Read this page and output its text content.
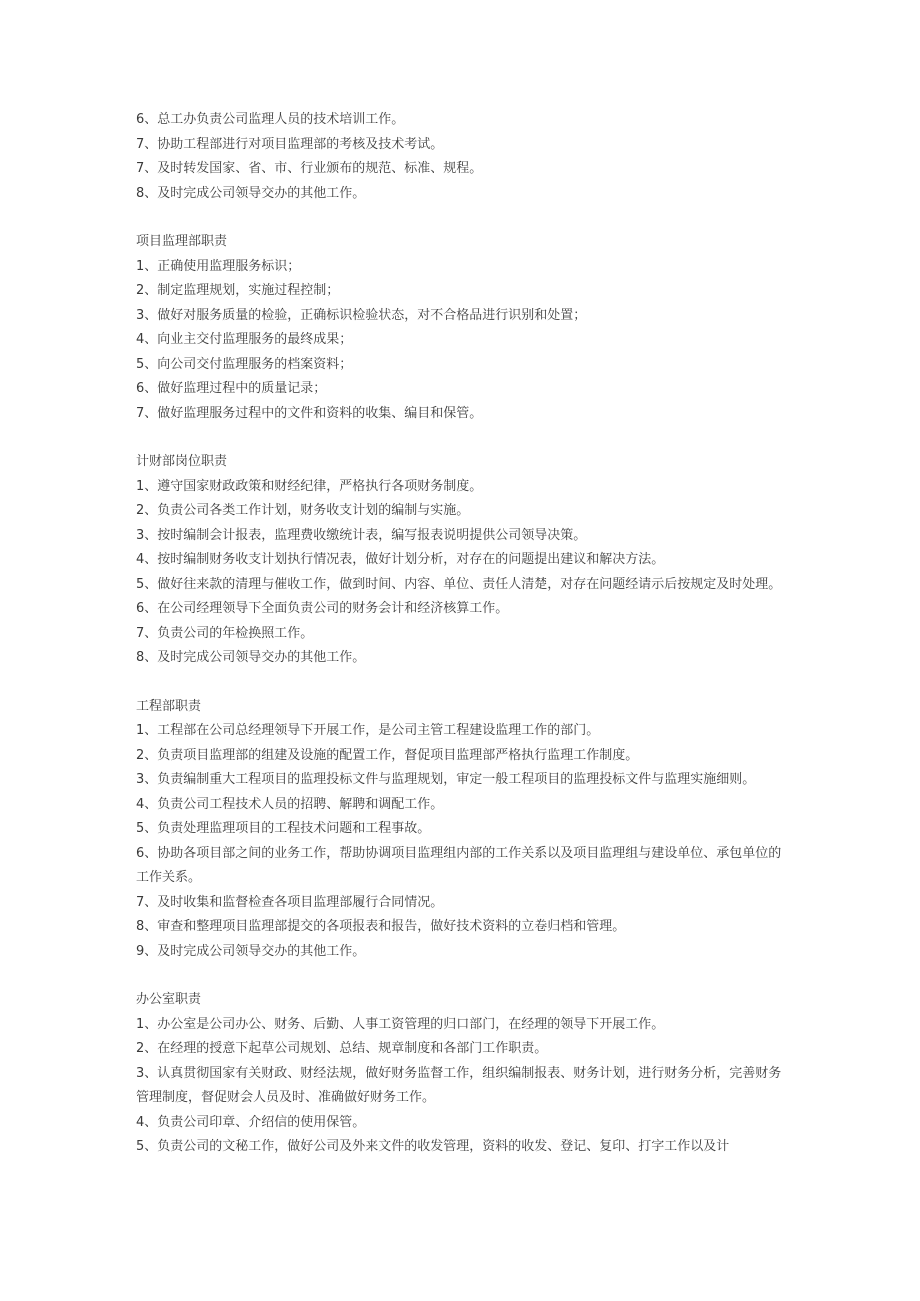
6、总工办负责公司监理人员的技术培训工作。

7、协助工程部进行对项目监理部的考核及技术考试。

7、及时转发国家、省、市、行业颁布的规范、标准、规程。

8、及时完成公司领导交办的其他工作。

项目监理部职责

1、正确使用监理服务标识；

2、制定监理规划，实施过程控制；

3、做好对服务质量的检验，正确标识检验状态，对不合格品进行识别和处置；

4、向业主交付监理服务的最终成果；

5、向公司交付监理服务的档案资料；

6、做好监理过程中的质量记录；

7、做好监理服务过程中的文件和资料的收集、编目和保管。

计财部岗位职责

1、遵守国家财政政策和财经纪律，严格执行各项财务制度。

2、负责公司各类工作计划，财务收支计划的编制与实施。

3、按时编制会计报表，监理费收缴统计表，编写报表说明提供公司领导决策。

4、按时编制财务收支计划执行情况表，做好计划分析，对存在的问题提出建议和解决方法。

5、做好往来款的清理与催收工作，做到时间、内容、单位、责任人清楚，对存在问题经请示后按规定及时处理。

6、在公司经理领导下全面负责公司的财务会计和经济核算工作。

7、负责公司的年检换照工作。

8、及时完成公司领导交办的其他工作。

工程部职责

1、工程部在公司总经理领导下开展工作，是公司主管工程建设监理工作的部门。

2、负责项目监理部的组建及设施的配置工作，督促项目监理部严格执行监理工作制度。

3、负责编制重大工程项目的监理投标文件与监理规划，审定一般工程项目的监理投标文件与监理实施细则。

4、负责公司工程技术人员的招聘、解聘和调配工作。

5、负责处理监理项目的工程技术问题和工程事故。

6、协助各项目部之间的业务工作，帮助协调项目监理组内部的工作关系以及项目监理组与建设单位、承包单位的工作关系。

7、及时收集和监督检查各项目监理部履行合同情况。

8、审查和整理项目监理部提交的各项报表和报告，做好技术资料的立卷归档和管理。

9、及时完成公司领导交办的其他工作。

办公室职责

1、办公室是公司办公、财务、后勤、人事工资管理的归口部门，在经理的领导下开展工作。

2、在经理的授意下起草公司规划、总结、规章制度和各部门工作职责。

3、认真贯彻国家有关财政、财经法规，做好财务监督工作，组织编制报表、财务计划，进行财务分析，完善财务管理制度，督促财会人员及时、准确做好财务工作。

4、负责公司印章、介绍信的使用保管。

5、负责公司的文秘工作，做好公司及外来文件的收发管理，资料的收发、登记、复印、打字工作以及计
